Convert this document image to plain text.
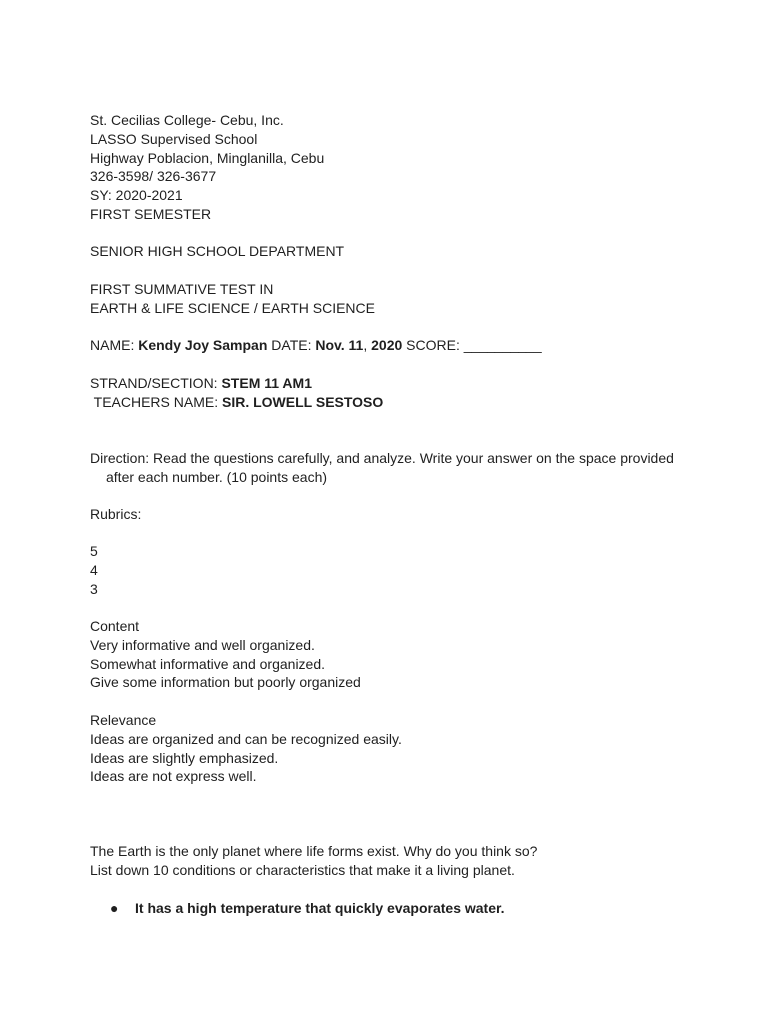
St. Cecilias College- Cebu, Inc.
LASSO Supervised School
Highway Poblacion, Minglanilla, Cebu
326-3598/ 326-3677
SY: 2020-2021
FIRST SEMESTER
SENIOR HIGH SCHOOL DEPARTMENT
FIRST SUMMATIVE TEST IN
EARTH & LIFE SCIENCE / EARTH SCIENCE
NAME: Kendy Joy Sampan DATE: Nov. 11, 2020 SCORE: __________
STRAND/SECTION: STEM 11 AM1
TEACHERS NAME: SIR. LOWELL SESTOSO
Direction: Read the questions carefully, and analyze. Write your answer on the space provided
after each number. (10 points each)
Rubrics:
5
4
3
Content
Very informative and well organized.
Somewhat informative and organized.
Give some information but poorly organized
Relevance
Ideas are organized and can be recognized easily.
Ideas are slightly emphasized.
Ideas are not express well.
The Earth is the only planet where life forms exist. Why do you think so?
List down 10 conditions or characteristics that make it a living planet.
● It has a high temperature that quickly evaporates water.
